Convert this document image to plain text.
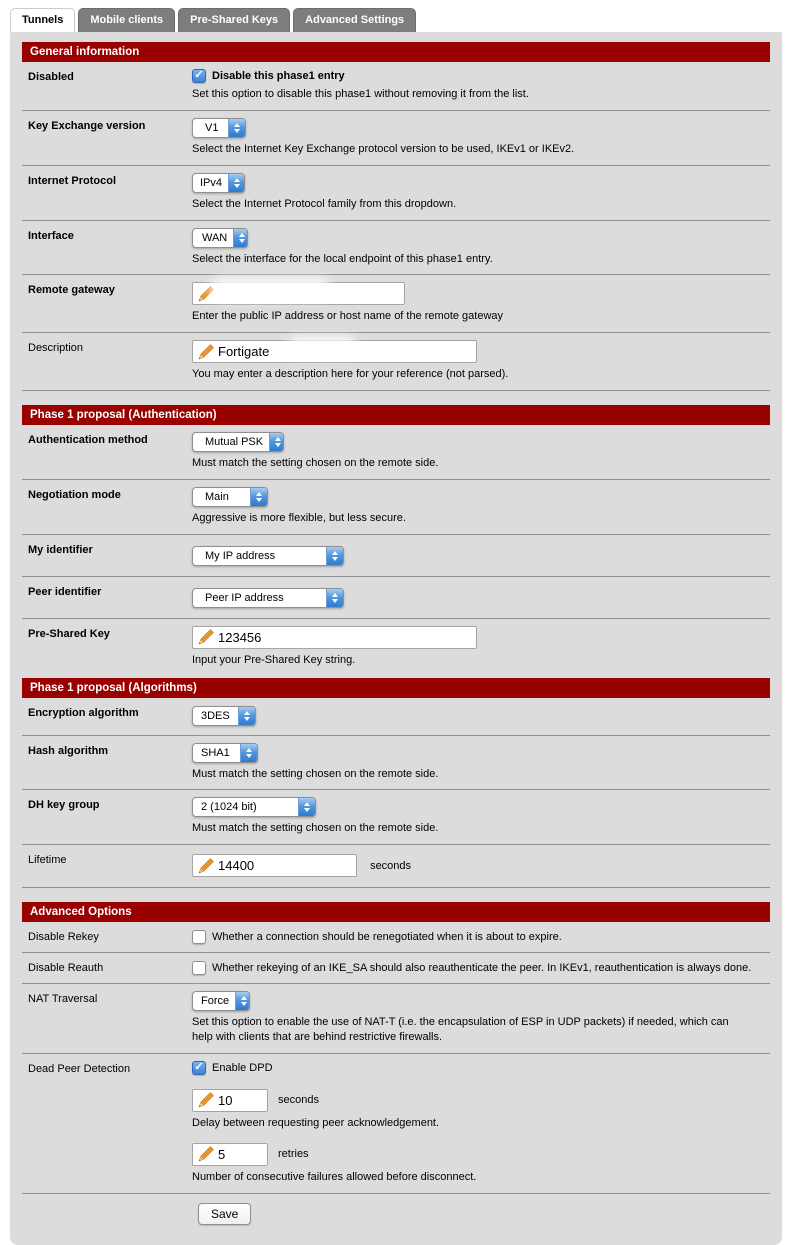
Tunnels	Mobile clients	Pre-Shared Keys	Advanced Settings
General information
Disabled	✓ Disable this phase1 entry
Set this option to disable this phase1 without removing it from the list.
Key Exchange version	V1
Select the Internet Key Exchange protocol version to be used, IKEv1 or IKEv2.
Internet Protocol	IPv4
Select the Internet Protocol family from this dropdown.
Interface	WAN
Select the interface for the local endpoint of this phase1 entry.
Remote gateway
Enter the public IP address or host name of the remote gateway
Description	Fortigate
You may enter a description here for your reference (not parsed).
Phase 1 proposal (Authentication)
Authentication method	Mutual PSK
Must match the setting chosen on the remote side.
Negotiation mode	Main
Aggressive is more flexible, but less secure.
My identifier	My IP address
Peer identifier	Peer IP address
Pre-Shared Key	123456
Input your Pre-Shared Key string.
Phase 1 proposal (Algorithms)
Encryption algorithm	3DES
Hash algorithm	SHA1
Must match the setting chosen on the remote side.
DH key group	2 (1024 bit)
Must match the setting chosen on the remote side.
Lifetime	14400	seconds
Advanced Options
Disable Rekey	Whether a connection should be renegotiated when it is about to expire.
Disable Reauth	Whether rekeying of an IKE_SA should also reauthenticate the peer. In IKEv1, reauthentication is always done.
NAT Traversal	Force
Set this option to enable the use of NAT-T (i.e. the encapsulation of ESP in UDP packets) if needed, which can help with clients that are behind restrictive firewalls.
Dead Peer Detection	✓ Enable DPD
10	seconds
Delay between requesting peer acknowledgement.
5	retries
Number of consecutive failures allowed before disconnect.
Save
